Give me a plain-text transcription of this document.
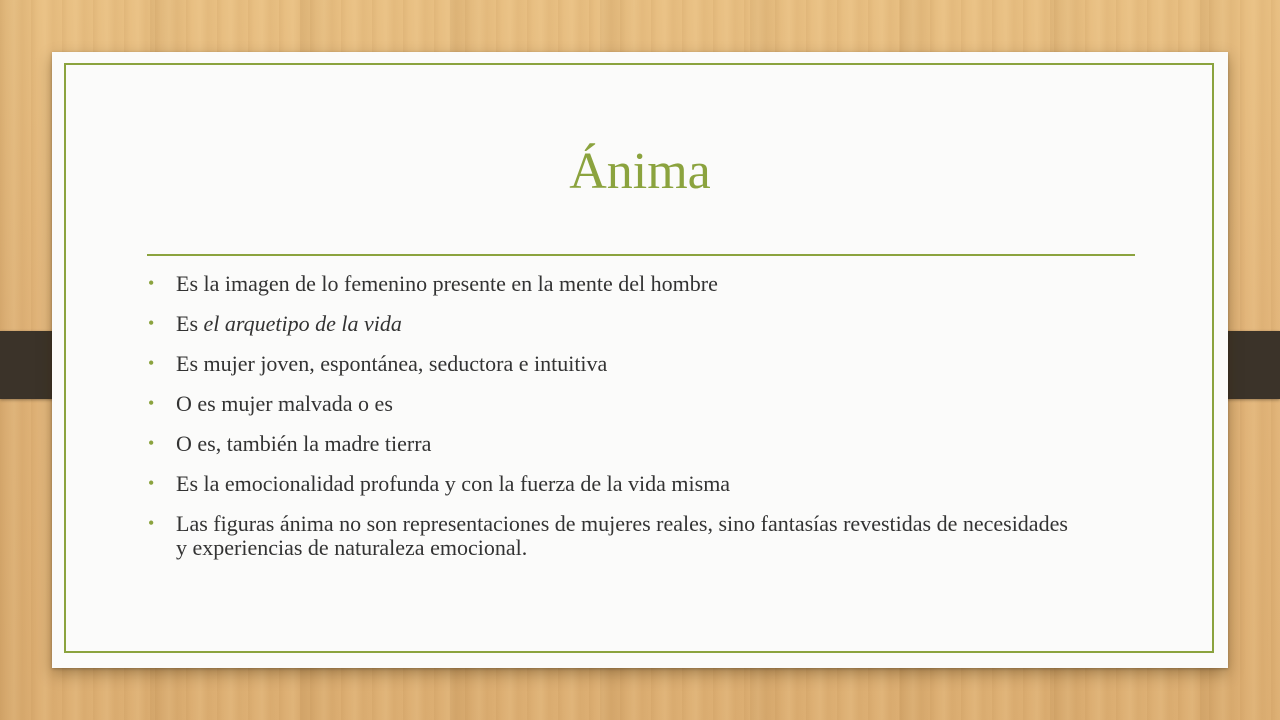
Ánima
• Es la imagen de lo femenino presente en la mente del hombre
• Es el arquetipo de la vida
• Es mujer joven, espontánea, seductora e intuitiva
• O es mujer malvada o es
• O es, también la madre tierra
• Es la emocionalidad profunda y con la fuerza de la vida misma
• Las figuras ánima no son representaciones de mujeres reales, sino fantasías revestidas de necesidades y experiencias de naturaleza emocional.
